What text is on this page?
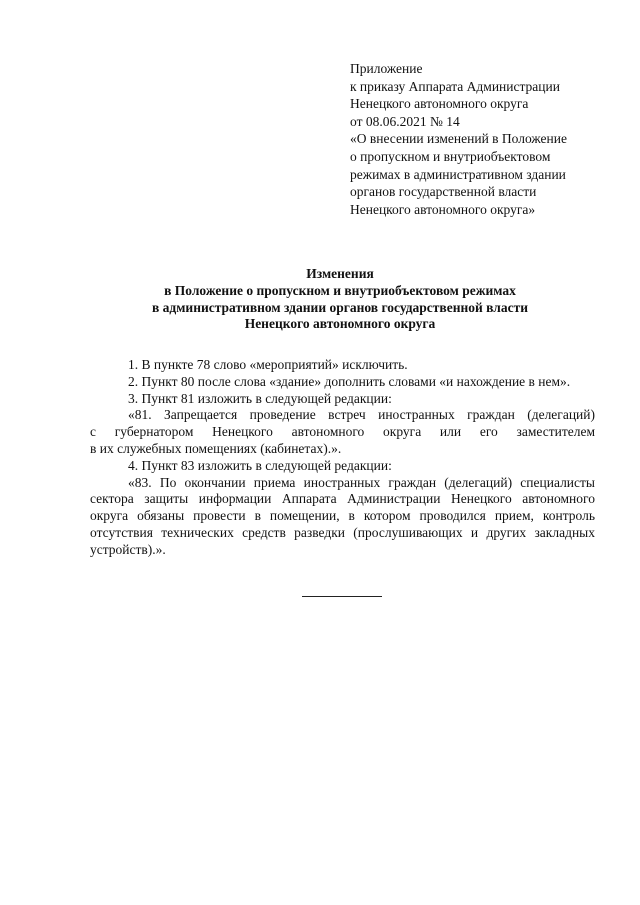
Приложение
к приказу Аппарата Администрации
Ненецкого автономного округа
от 08.06.2021 № 14
«О внесении изменений в Положение
о пропускном и внутриобъектовом
режимах в административном здании
органов государственной власти
Ненецкого автономного округа»
Изменения
в Положение о пропускном и внутриобъектовом режимах
в административном здании органов государственной власти
Ненецкого автономного округа
1. В пункте 78 слово «мероприятий» исключить.
2. Пункт 80 после слова «здание» дополнить словами «и нахождение в нем».
3. Пункт 81 изложить в следующей редакции:
«81. Запрещается проведение встреч иностранных граждан (делегаций)
с губернатором Ненецкого автономного округа или его заместителем
в их служебных помещениях (кабинетах).».
4. Пункт 83 изложить в следующей редакции:
«83. По окончании приема иностранных граждан (делегаций) специалисты
сектора защиты информации Аппарата Администрации Ненецкого автономного
округа обязаны провести в помещении, в котором проводился прием, контроль
отсутствия технических средств разведки (прослушивающих и других закладных
устройств).».
